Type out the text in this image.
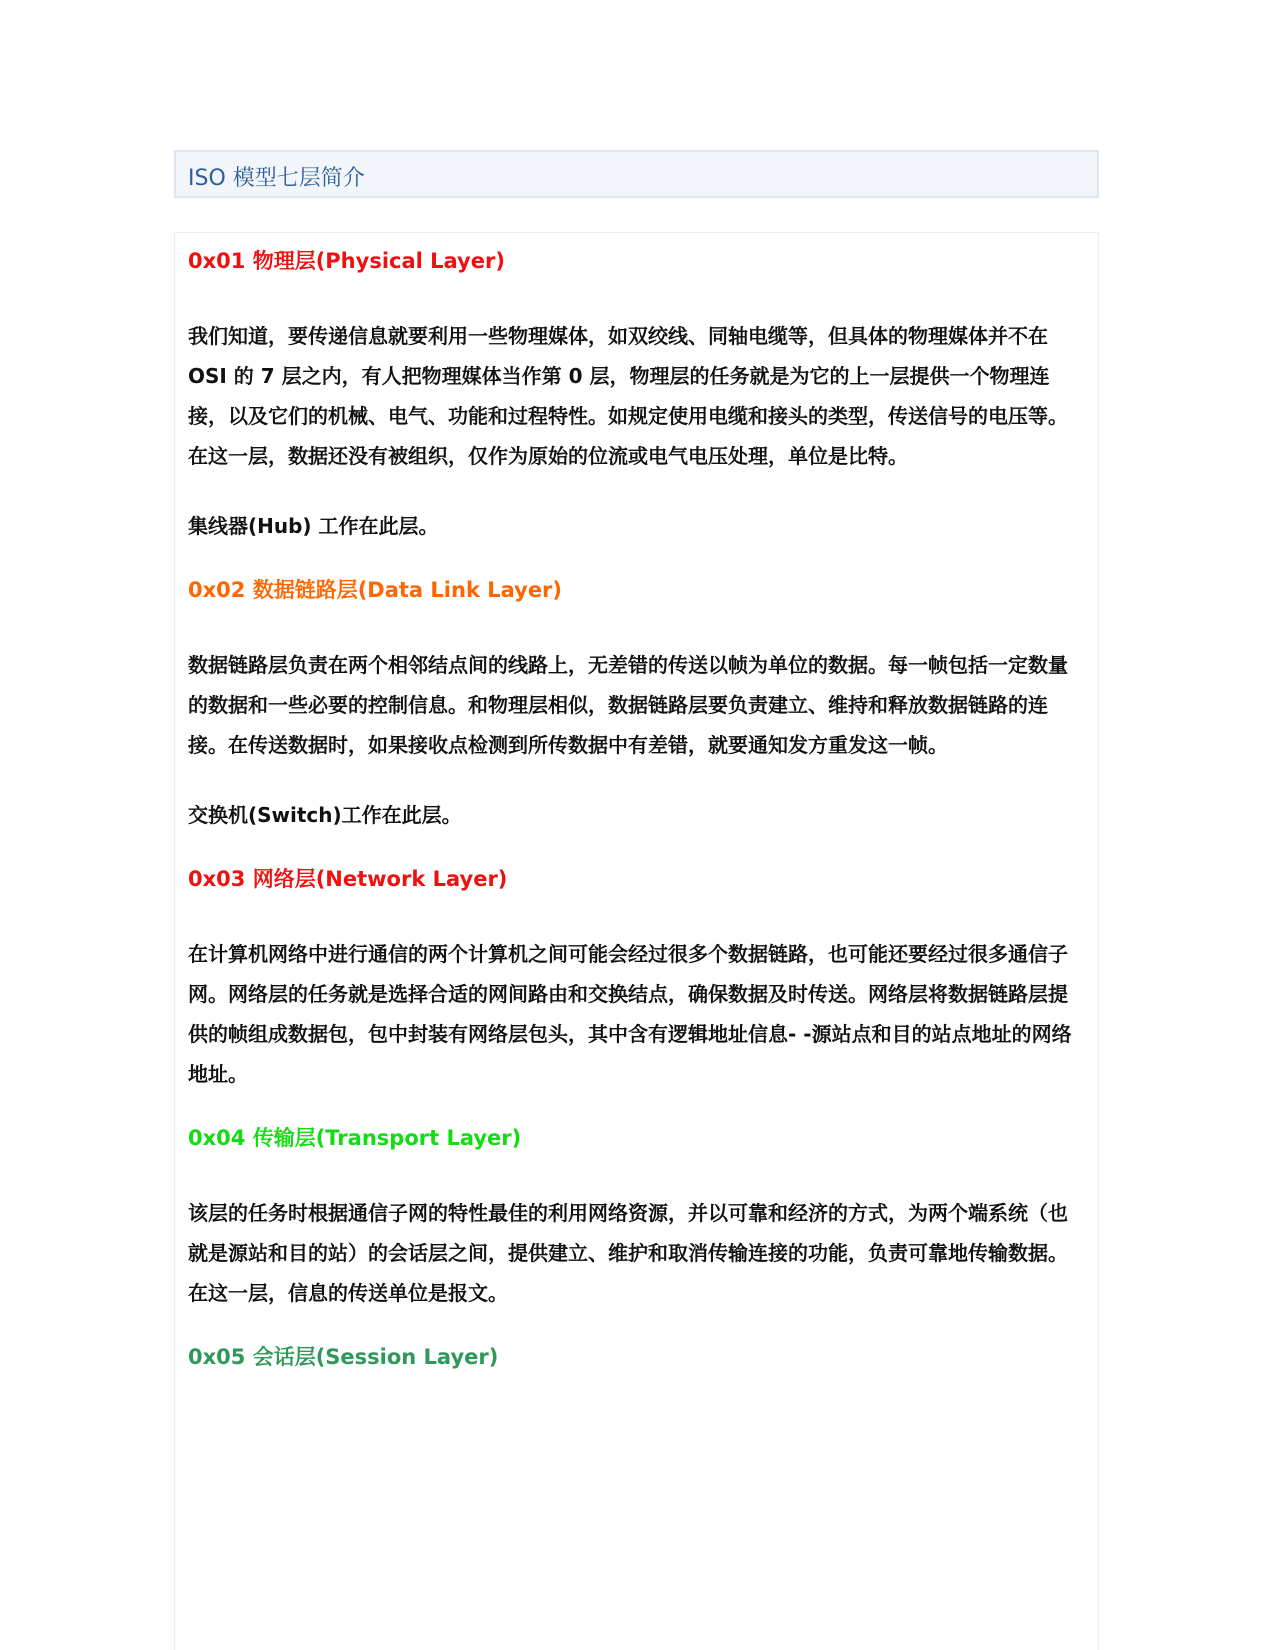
ISO 模型七层简介
0x01 物理层(Physical Layer)
我们知道，要传递信息就要利用一些物理媒体，如双绞线、同轴电缆等，但具体的物理媒体并不在 OSI 的 7 层之内，有人把物理媒体当作第 0 层，物理层的任务就是为它的上一层提供一个物理连接，以及它们的机械、电气、功能和过程特性。如规定使用电缆和接头的类型，传送信号的电压等。在这一层，数据还没有被组织，仅作为原始的位流或电气电压处理，单位是比特。
集线器(Hub) 工作在此层。
0x02 数据链路层(Data Link Layer)
数据链路层负责在两个相邻结点间的线路上，无差错的传送以帧为单位的数据。每一帧包括一定数量的数据和一些必要的控制信息。和物理层相似，数据链路层要负责建立、维持和释放数据链路的连接。在传送数据时，如果接收点检测到所传数据中有差错，就要通知发方重发这一帧。
交换机(Switch)工作在此层。
0x03 网络层(Network Layer)
在计算机网络中进行通信的两个计算机之间可能会经过很多个数据链路，也可能还要经过很多通信子网。网络层的任务就是选择合适的网间路由和交换结点，确保数据及时传送。网络层将数据链路层提供的帧组成数据包，包中封装有网络层包头，其中含有逻辑地址信息- -源站点和目的站点地址的网络地址。
0x04 传输层(Transport Layer)
该层的任务时根据通信子网的特性最佳的利用网络资源，并以可靠和经济的方式，为两个端系统（也就是源站和目的站）的会话层之间，提供建立、维护和取消传输连接的功能，负责可靠地传输数据。在这一层，信息的传送单位是报文。
0x05 会话层(Session Layer)
